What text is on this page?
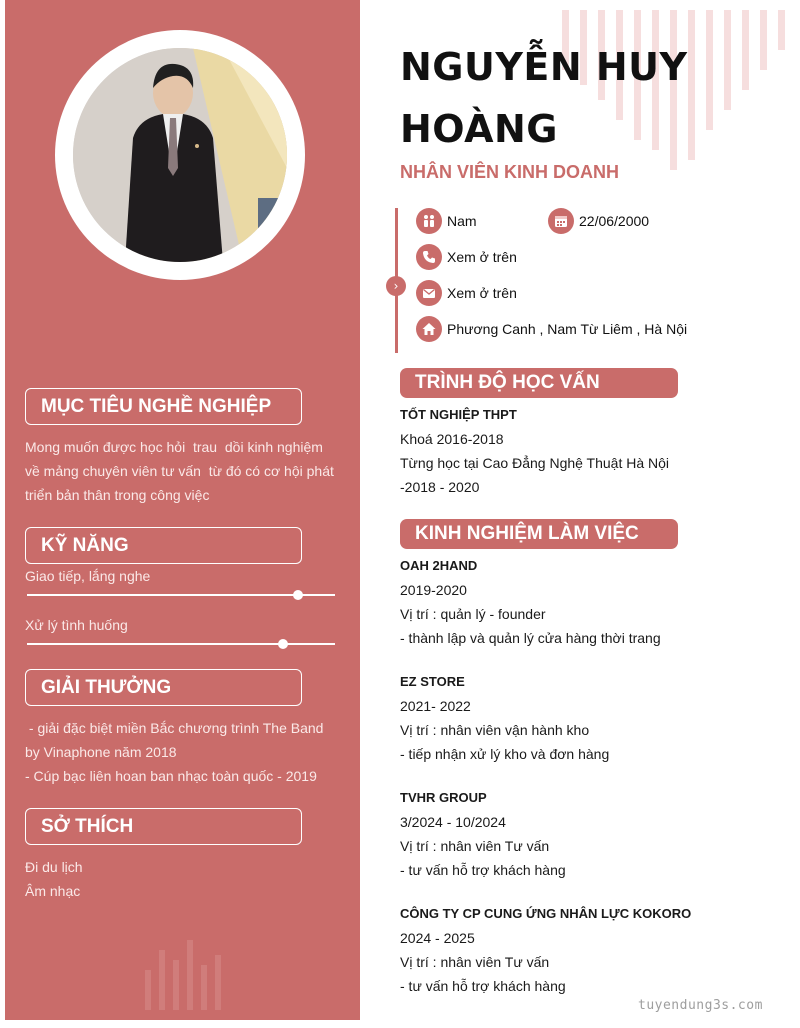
MỤC TIÊU NGHỀ NGHIỆP
Mong muốn được học hỏi  trau  dồi kinh nghiệm
về mảng chuyên viên tư vấn  từ đó có cơ hội phát
triển bản thân trong công việc
KỸ NĂNG
Giao tiếp, lắng nghe
Xử lý tình huống
GIẢI THƯỞNG
- giải đặc biệt miền Bắc chương trình The Band
by Vinaphone năm 2018
- Cúp bạc liên hoan ban nhạc toàn quốc - 2019
SỞ THÍCH
Đi du lịch
Âm nhạc
NGUYỄN HUY
HOÀNG
NHÂN VIÊN KINH DOANH
›
Nam	22/06/2000
Xem ở trên
Xem ở trên
Phương Canh , Nam Từ Liêm , Hà Nội
TRÌNH ĐỘ HỌC VẤN
TỐT NGHIỆP THPT
Khoá 2016-2018
Từng học tại Cao Đẳng Nghệ Thuật Hà Nội
-2018 - 2020
KINH NGHIỆM LÀM VIỆC
OAH 2HAND
2019-2020
Vị trí : quản lý - founder
- thành lập và quản lý cửa hàng thời trang
EZ STORE
2021- 2022
Vị trí : nhân viên vận hành kho
- tiếp nhận xử lý kho và đơn hàng
TVHR GROUP
3/2024 - 10/2024
Vị trí : nhân viên Tư vấn
- tư vấn hỗ trợ khách hàng
CÔNG TY CP CUNG ỨNG NHÂN LỰC KOKORO
2024 - 2025
Vị trí : nhân viên Tư vấn
- tư vấn hỗ trợ khách hàng
tuyendung3s.com
